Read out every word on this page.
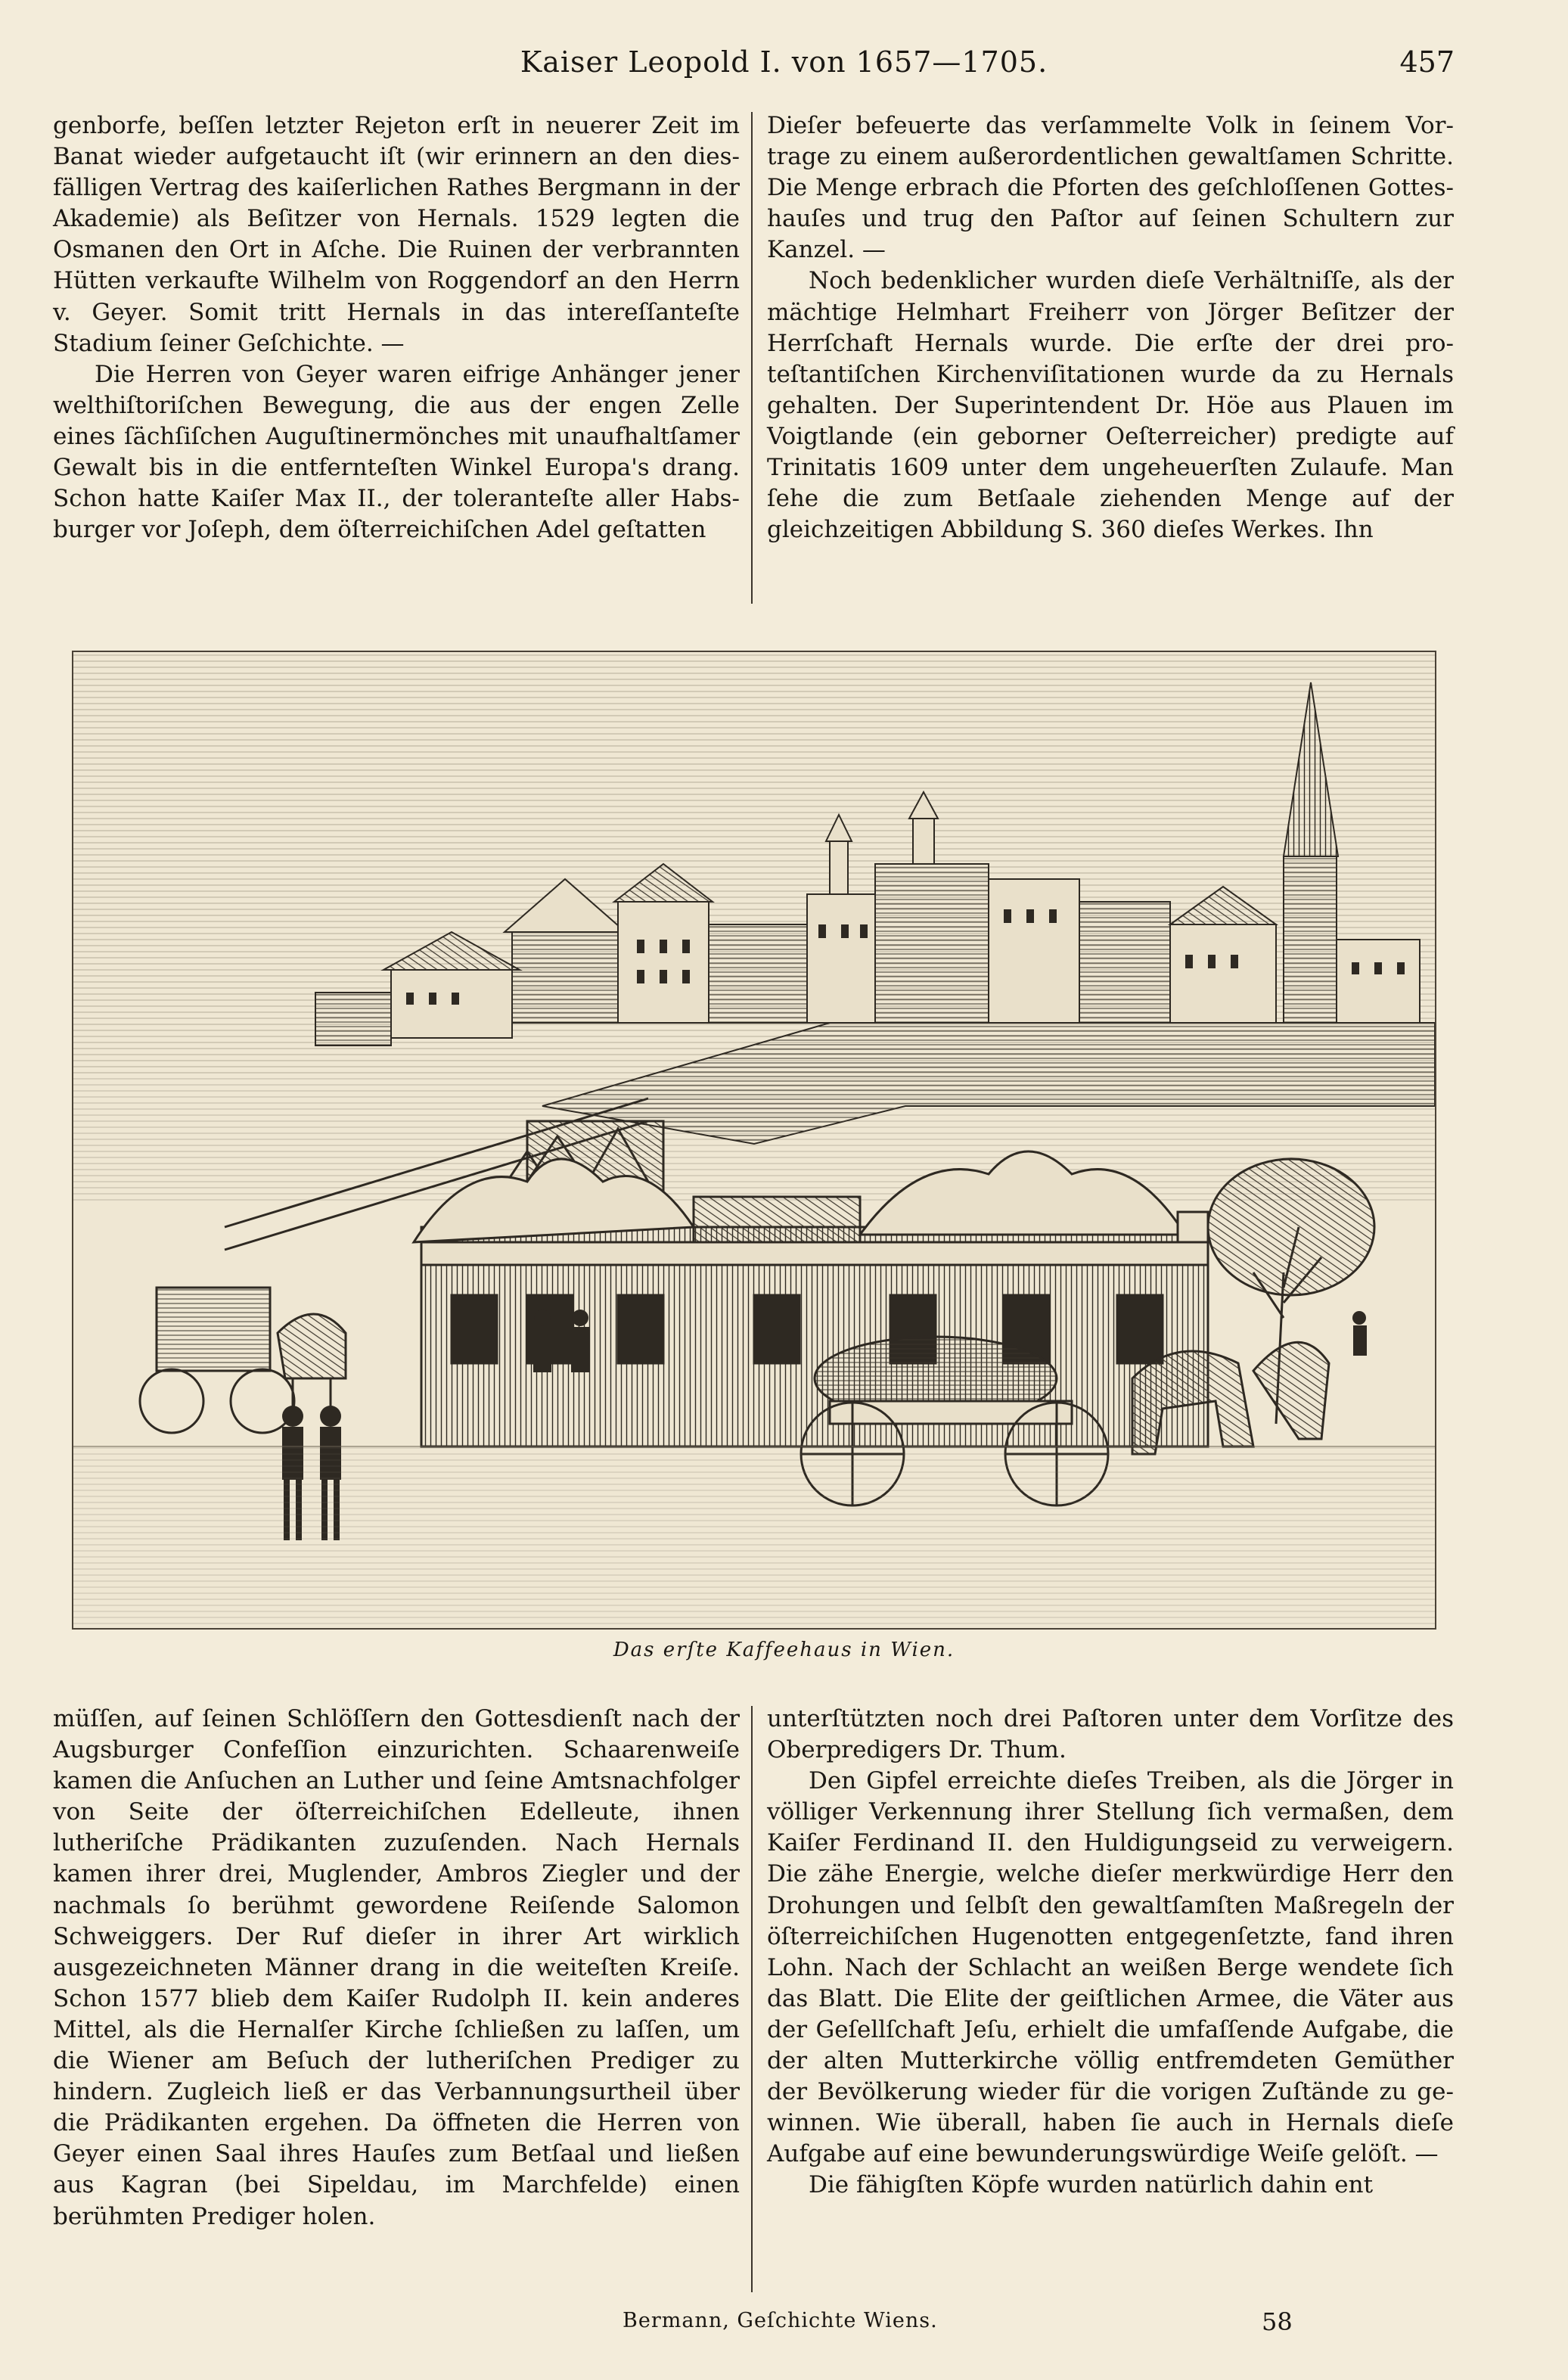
Kaiser Leopold I. von 1657—1705.	457

genborfe, beſſen letzter Rejeton erſt in neuerer Zeit im Banat wieder aufgetaucht iſt (wir erinnern an den diesfälligen Vertrag des kaiſerlichen Rathes Bergmann in der Akademie) als Beſitzer von Hernals. 1529 legten die Osmanen den Ort in Aſche. Die Ruinen der verbrannten Hütten verkaufte Wilhelm von Roggendorf an den Herrn v. Geyer. Somit tritt Hernals in das intereſſanteſte Stadium ſeiner Geſchichte. —

Die Herren von Geyer waren eifrige Anhänger jener welthiſtoriſchen Bewegung, die aus der engen Zelle eines ſächſiſchen Auguſtinermönches mit unaufhaltſamer Gewalt bis in die entfernteſten Winkel Europa's drang. Schon hatte Kaiſer Max II., der toleranteſte aller Habsburger vor Joſeph, dem öſterreichiſchen Adel geſtatten

Dieſer befeuerte das verſammelte Volk in ſeinem Vortrage zu einem außerordentlichen gewaltſamen Schritte. Die Menge erbrach die Pforten des geſchloſſenen Gotteshauſes und trug den Paſtor auf ſeinen Schultern zur Kanzel. —

Noch bedenklicher wurden dieſe Verhältniſſe, als der mächtige Helmhart Freiherr von Jörger Beſitzer der Herrſchaft Hernals wurde. Die erſte der drei proteſtantiſchen Kirchenviſitationen wurde da zu Hernals gehalten. Der Superintendent Dr. Höe aus Plauen im Voigtlande (ein geborner Oeſterreicher) predigte auf Trinitatis 1609 unter dem ungeheuerſten Zulaufe. Man ſehe die zum Betſaale ziehenden Menge auf der gleichzeitigen Abbildung S. 360 dieſes Werkes. Ihn

Das erſte Kaffeehaus in Wien.

müſſen, auf ſeinen Schlöſſern den Gottesdienſt nach der Augsburger Confeſſion einzurichten. Schaarenweiſe kamen die Anſuchen an Luther und ſeine Amtsnachfolger von Seite der öſterreichiſchen Edelleute, ihnen lutheriſche Prädikanten zuzuſenden. Nach Hernals kamen ihrer drei, Muglender, Ambros Ziegler und der nachmals ſo berühmt gewordene Reiſende Salomon Schweiggers. Der Ruf dieſer in ihrer Art wirklich ausgezeichneten Männer drang in die weiteſten Kreiſe. Schon 1577 blieb dem Kaiſer Rudolph II. kein anderes Mittel, als die Hernalſer Kirche ſchließen zu laſſen, um die Wiener am Beſuch der lutheriſchen Prediger zu hindern. Zugleich ließ er das Verbannungsurtheil über die Prädikanten ergehen. Da öffneten die Herren von Geyer einen Saal ihres Hauſes zum Betſaal und ließen aus Kagran (bei Sipeldau, im Marchfelde) einen berühmten Prediger holen.

unterſtützten noch drei Paſtoren unter dem Vorſitze des Oberpredigers Dr. Thum.

Den Gipfel erreichte dieſes Treiben, als die Jörger in völliger Verkennung ihrer Stellung ſich vermaßen, dem Kaiſer Ferdinand II. den Huldigungseid zu verweigern. Die zähe Energie, welche dieſer merkwürdige Herr den Drohungen und ſelbſt den gewaltſamſten Maßregeln der öſterreichiſchen Hugenotten entgegenſetzte, fand ihren Lohn. Nach der Schlacht an weißen Berge wendete ſich das Blatt. Die Elite der geiſtlichen Armee, die Väter aus der Geſellſchaft Jeſu, erhielt die umfaſſende Aufgabe, die der alten Mutterkirche völlig entfremdeten Gemüther der Bevölkerung wieder für die vorigen Zuſtände zu gewinnen. Wie überall, haben ſie auch in Hernals dieſe Aufgabe auf eine bewunderungswürdige Weiſe gelöſt. —

Die fähigſten Köpfe wurden natürlich dahin ent

Bermann, Geſchichte Wiens.	58
